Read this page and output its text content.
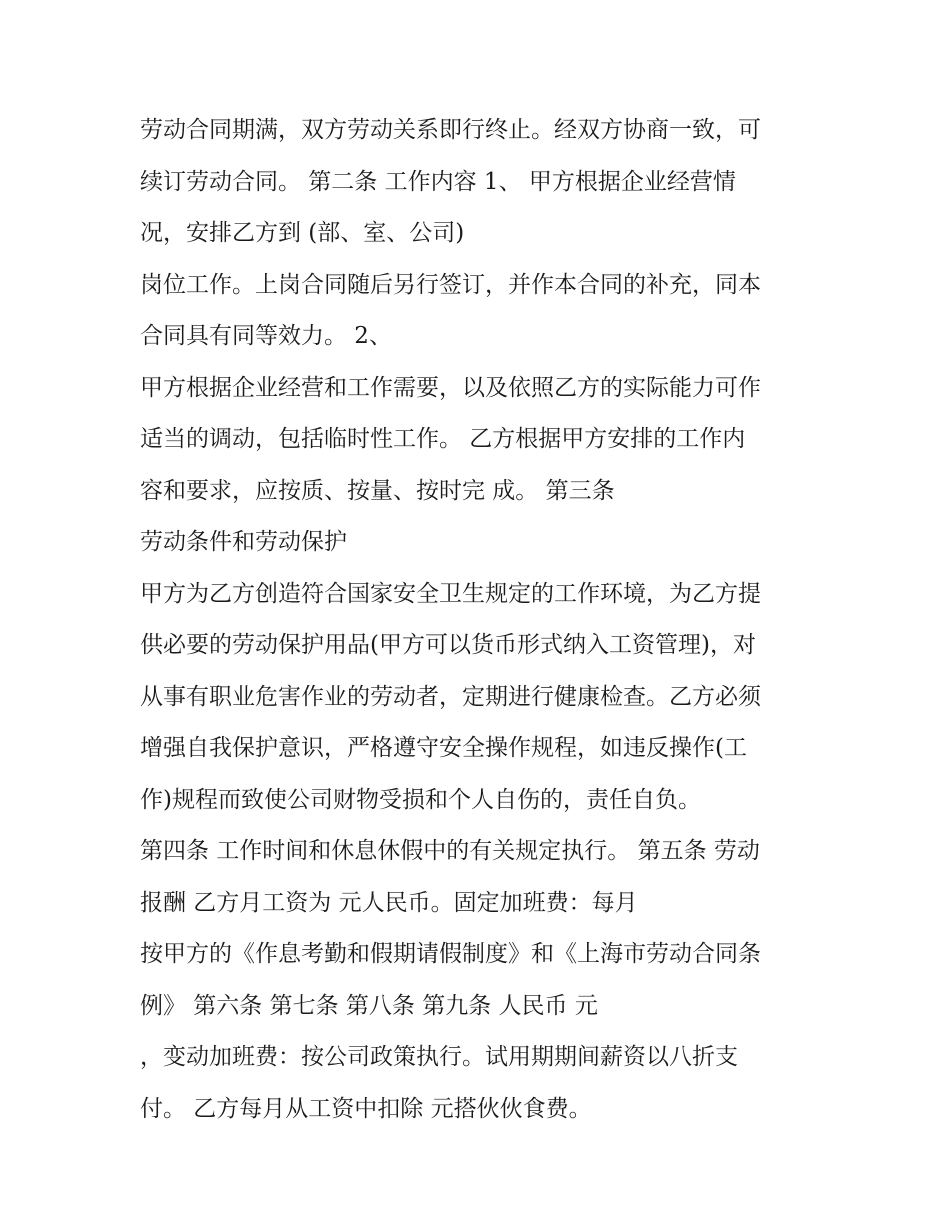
劳动合同期满，双方劳动关系即行终止。经双方协商一致，可
续订劳动合同。 第二条 工作内容 1、 甲方根据企业经营情
况，安排乙方到 (部、室、公司)
岗位工作。上岗合同随后另行签订，并作本合同的补充，同本
合同具有同等效力。 2、
甲方根据企业经营和工作需要，以及依照乙方的实际能力可作
适当的调动，包括临时性工作。 乙方根据甲方安排的工作内
容和要求，应按质、按量、按时完 成。 第三条
劳动条件和劳动保护
甲方为乙方创造符合国家安全卫生规定的工作环境，为乙方提
供必要的劳动保护用品(甲方可以货币形式纳入工资管理)，对
从事有职业危害作业的劳动者，定期进行健康检查。乙方必须
增强自我保护意识，严格遵守安全操作规程，如违反操作(工
作)规程而致使公司财物受损和个人自伤的，责任自负。
第四条 工作时间和休息休假中的有关规定执行。 第五条 劳动
报酬 乙方月工资为 元人民币。固定加班费：每月
按甲方的《作息考勤和假期请假制度》和《上海市劳动合同条
例》 第六条 第七条 第八条 第九条 人民币 元
，变动加班费：按公司政策执行。试用期期间薪资以八折支
付。 乙方每月从工资中扣除 元搭伙伙食费。
